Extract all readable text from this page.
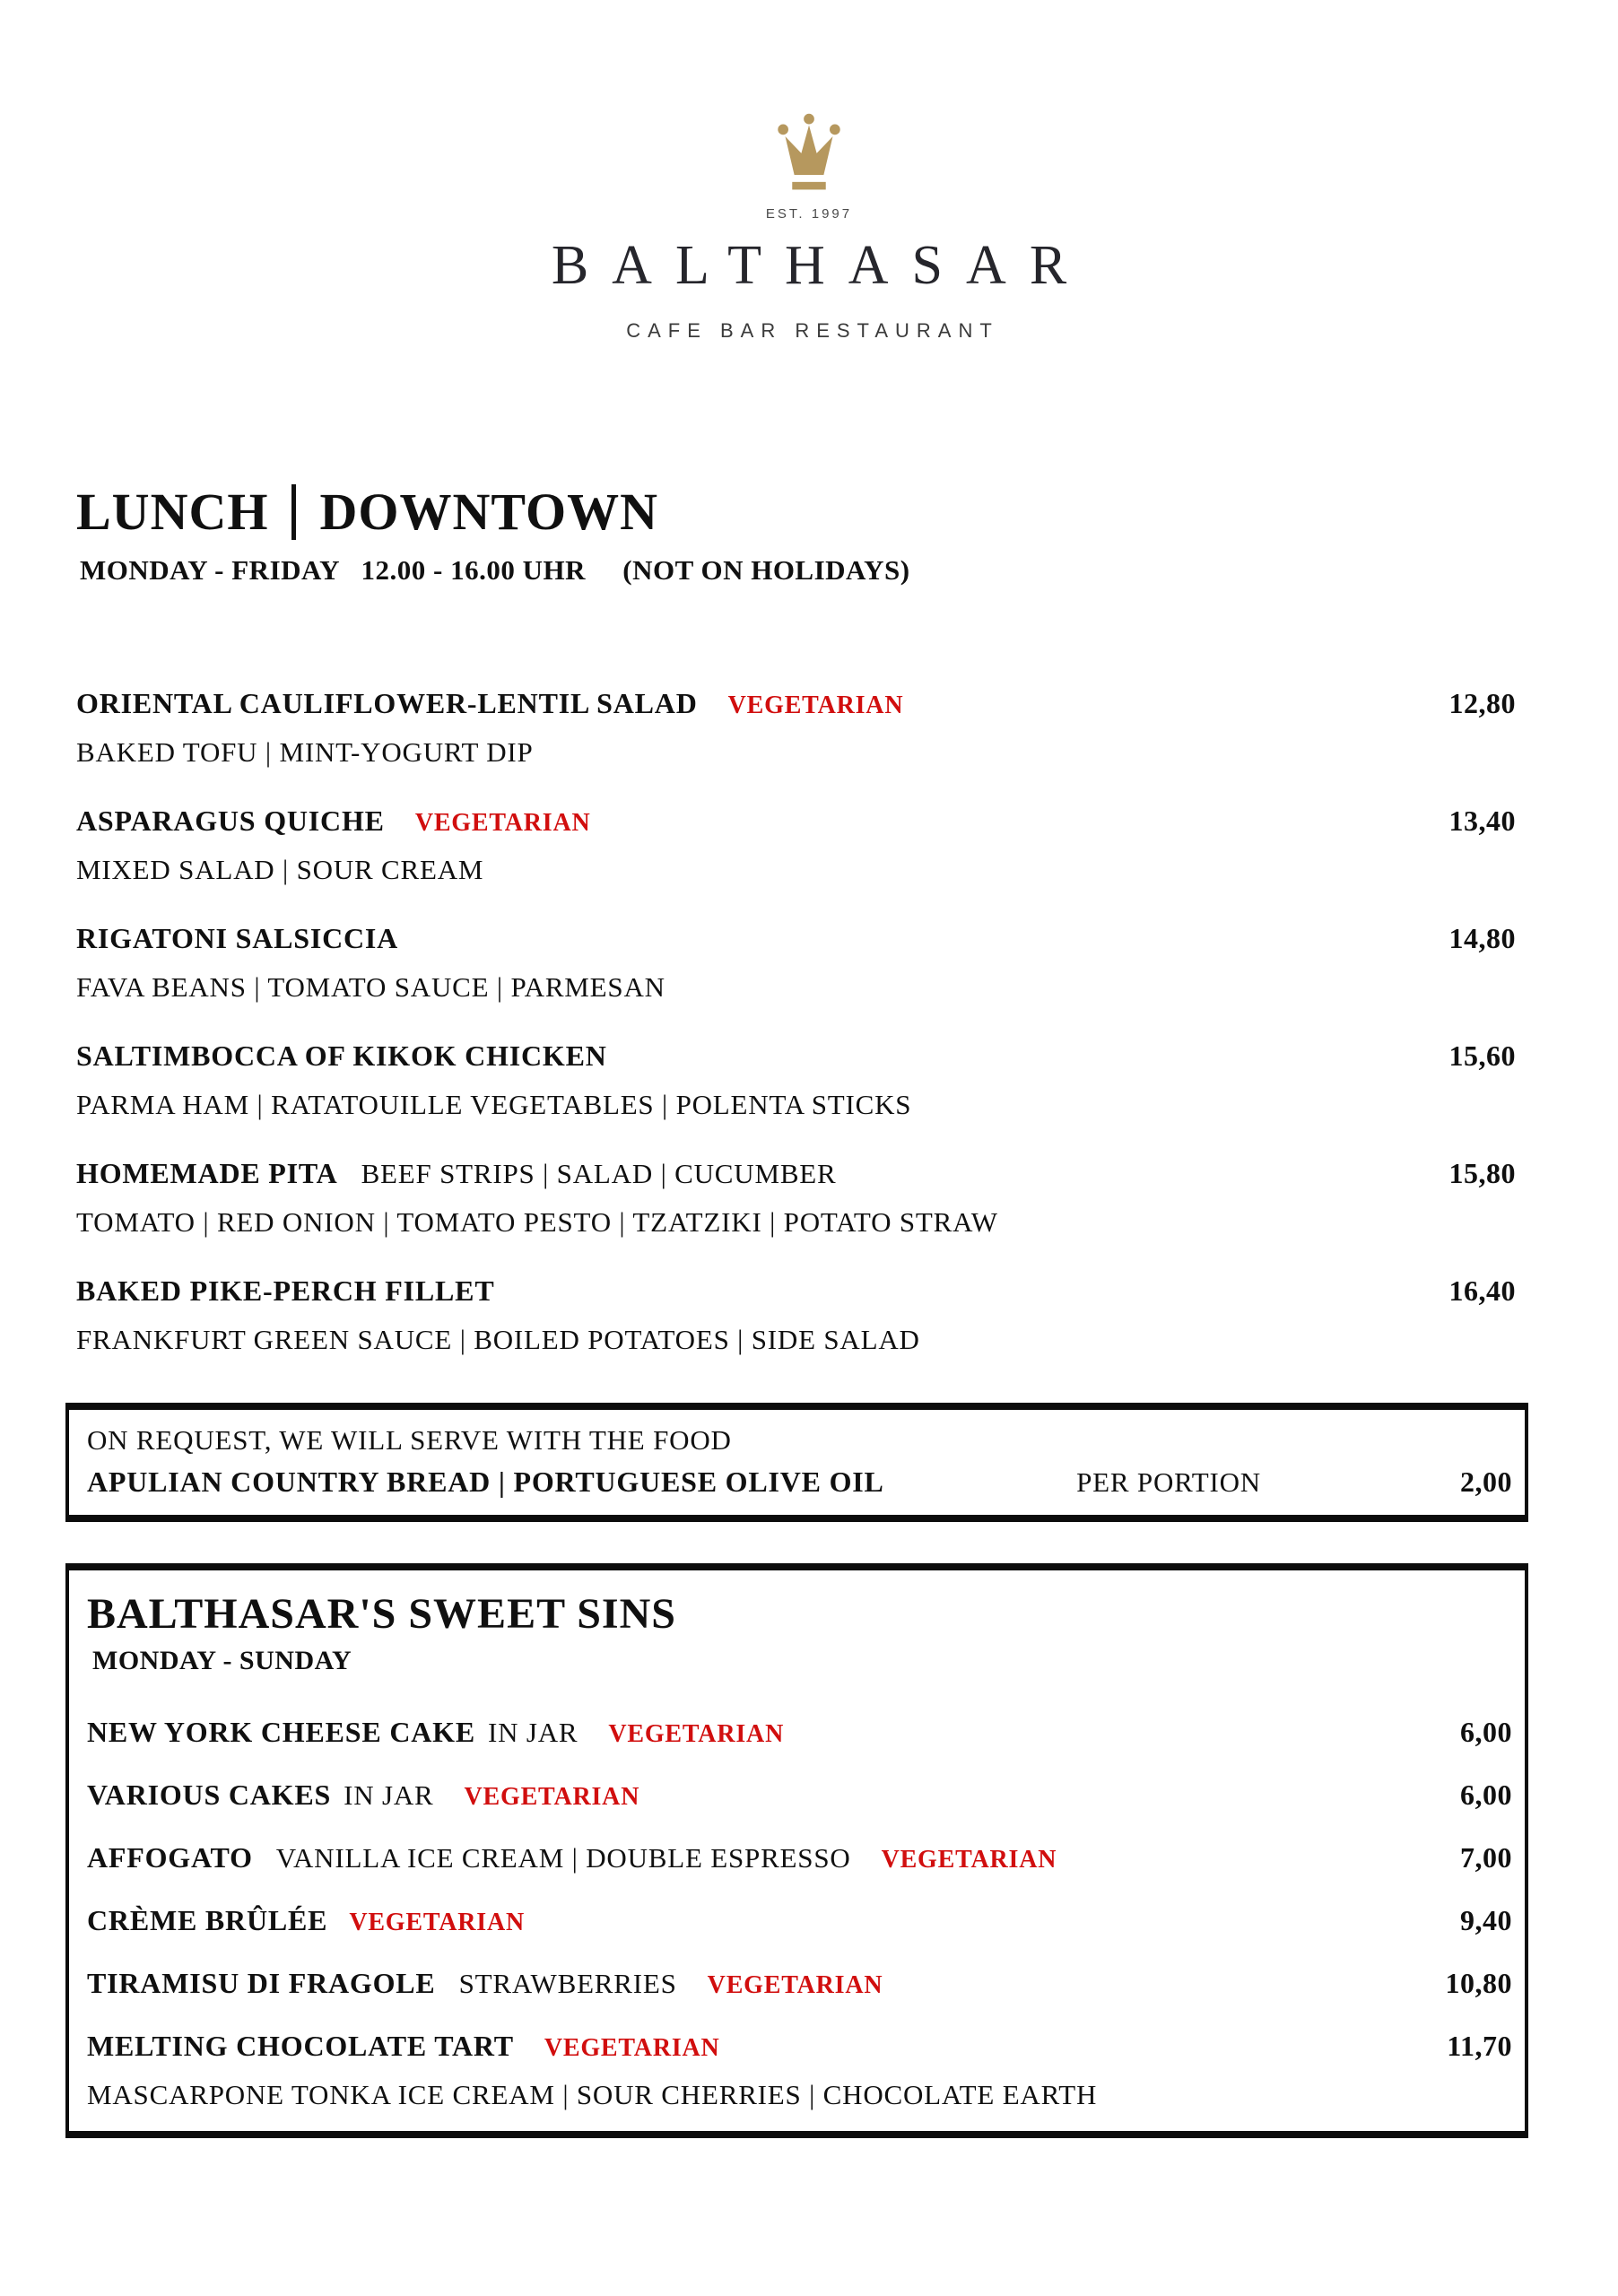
EST. 1997
BALTHASAR
CAFE BAR RESTAURANT
LUNCH DOWNTOWN
MONDAY - FRIDAY   12.00 - 16.00 UHR     (NOT ON HOLIDAYS)
ORIENTAL CAULIFLOWER-LENTIL SALAD VEGETARIAN	12,80
BAKED TOFU | MINT-YOGURT DIP
ASPARAGUS QUICHE VEGETARIAN	13,40
MIXED SALAD | SOUR CREAM
RIGATONI SALSICCIA	14,80
FAVA BEANS | TOMATO SAUCE | PARMESAN
SALTIMBOCCA OF KIKOK CHICKEN	15,60
PARMA HAM | RATATOUILLE VEGETABLES | POLENTA STICKS
HOMEMADE PITA BEEF STRIPS | SALAD | CUCUMBER	15,80
TOMATO | RED ONION | TOMATO PESTO | TZATZIKI | POTATO STRAW
BAKED PIKE-PERCH FILLET	16,40
FRANKFURT GREEN SAUCE | BOILED POTATOES | SIDE SALAD
ON REQUEST, WE WILL SERVE WITH THE FOOD
APULIAN COUNTRY BREAD | PORTUGUESE OLIVE OIL	PER PORTION	2,00
BALTHASAR'S SWEET SINS
MONDAY - SUNDAY
NEW YORK CHEESE CAKE IN JAR VEGETARIAN	6,00
VARIOUS CAKES IN JAR VEGETARIAN	6,00
AFFOGATO VANILLA ICE CREAM | DOUBLE ESPRESSO VEGETARIAN	7,00
CRÈME BRÛLÉE VEGETARIAN	9,40
TIRAMISU DI FRAGOLE STRAWBERRIES VEGETARIAN	10,80
MELTING CHOCOLATE TART VEGETARIAN	11,70
MASCARPONE TONKA ICE CREAM | SOUR CHERRIES | CHOCOLATE EARTH
